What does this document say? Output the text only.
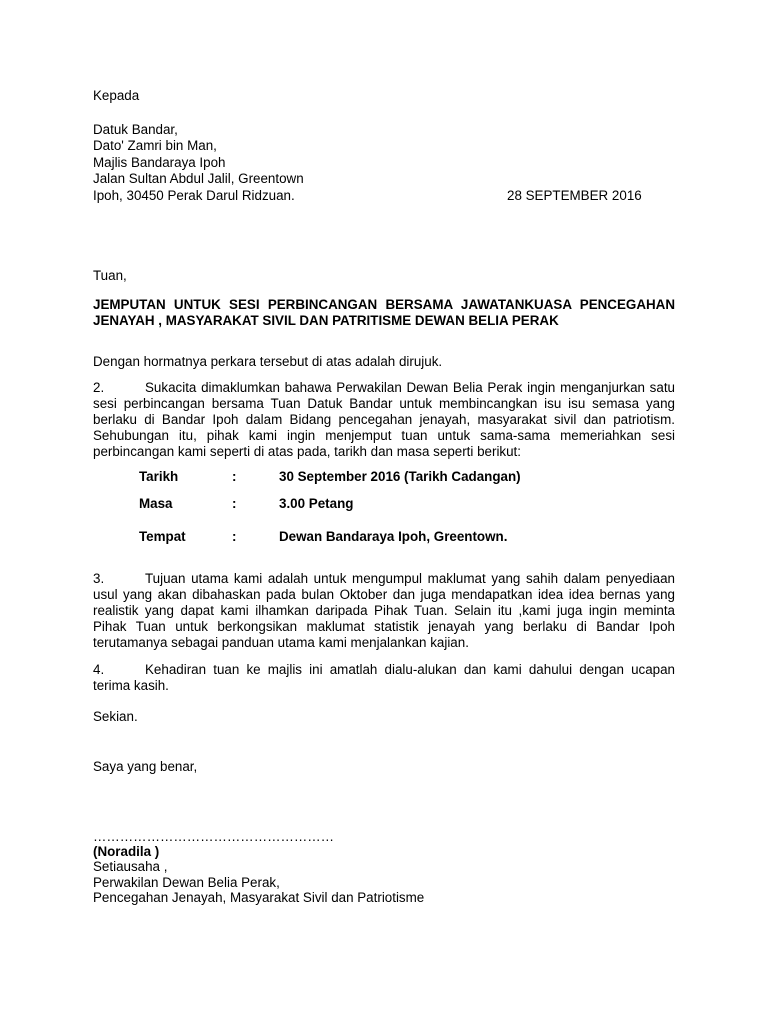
Kepada
Datuk Bandar,
Dato' Zamri bin Man,
Majlis Bandaraya Ipoh
Jalan Sultan Abdul Jalil, Greentown
Ipoh, 30450 Perak Darul Ridzuan.	28 SEPTEMBER 2016
Tuan,
JEMPUTAN UNTUK SESI PERBINCANGAN BERSAMA JAWATANKUASA PENCEGAHAN JENAYAH , MASYARAKAT SIVIL DAN PATRITISME DEWAN BELIA PERAK
Dengan hormatnya perkara tersebut di atas adalah dirujuk.
2.	Sukacita dimaklumkan bahawa Perwakilan Dewan Belia Perak ingin menganjurkan satu sesi perbincangan bersama Tuan Datuk Bandar untuk membincangkan isu isu semasa yang berlaku di Bandar Ipoh dalam Bidang pencegahan jenayah, masyarakat sivil dan patriotism. Sehubungan itu, pihak kami ingin menjemput tuan untuk sama-sama memeriahkan sesi perbincangan kami seperti di atas pada, tarikh dan masa seperti berikut:
Tarikh	:	30 September 2016 (Tarikh Cadangan)
Masa	:	3.00 Petang
Tempat	:	Dewan Bandaraya Ipoh, Greentown.
3.	Tujuan utama kami adalah untuk mengumpul maklumat yang sahih dalam penyediaan usul yang akan dibahaskan pada bulan Oktober dan juga mendapatkan idea idea bernas yang realistik yang dapat kami ilhamkan daripada Pihak Tuan. Selain itu ,kami juga ingin meminta Pihak Tuan untuk berkongsikan maklumat statistik jenayah yang berlaku di Bandar Ipoh terutamanya sebagai panduan utama kami menjalankan kajian.
4.	Kehadiran tuan ke majlis ini amatlah dialu-alukan dan kami dahului dengan ucapan terima kasih.
Sekian.
Saya yang benar,
………………………………………………
(Noradila )
Setiausaha ,
Perwakilan Dewan Belia Perak,
Pencegahan Jenayah, Masyarakat Sivil dan Patriotisme
